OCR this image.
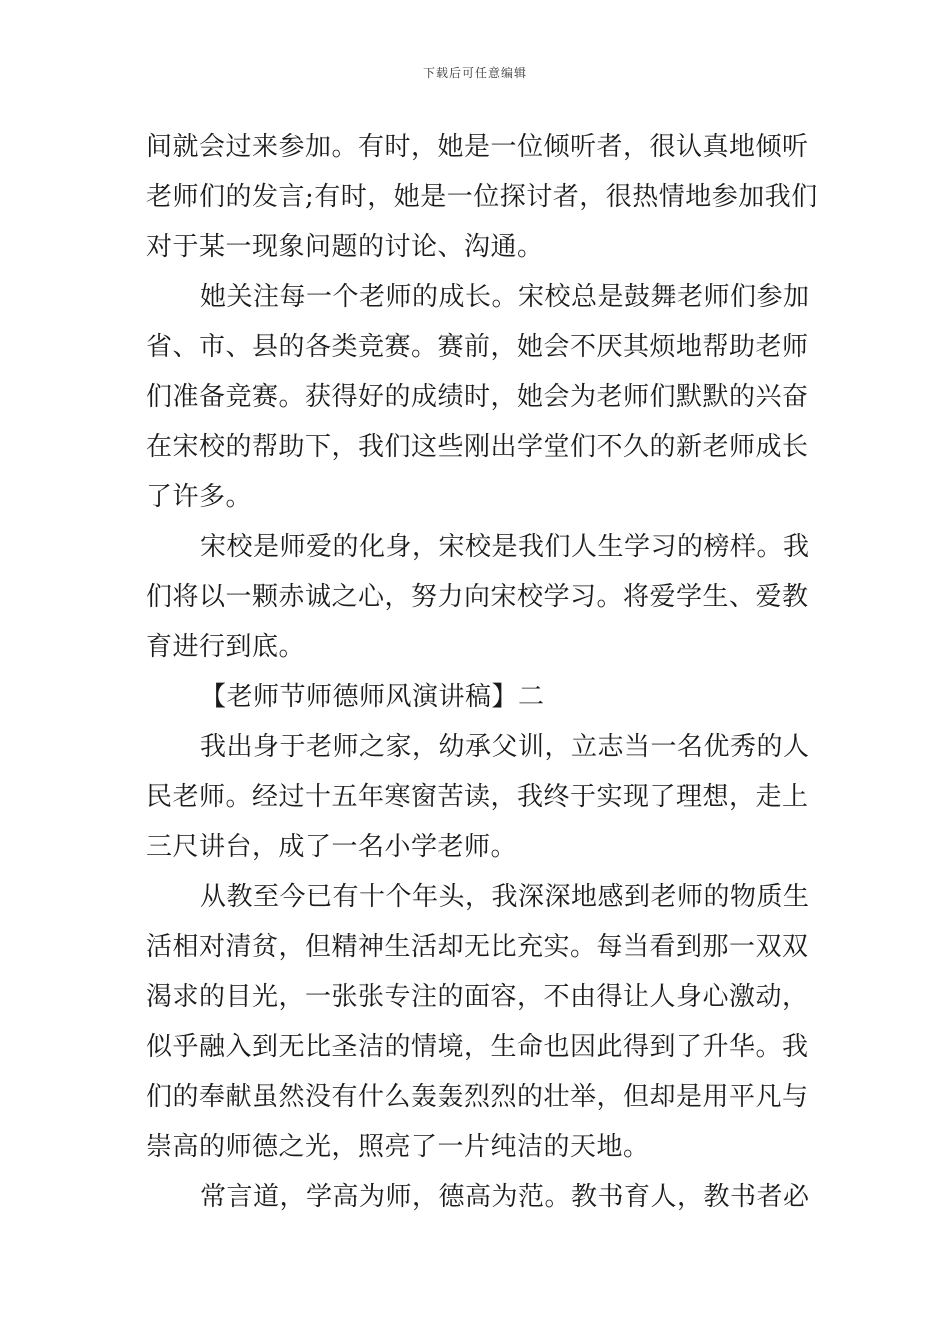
下载后可任意编辑
间就会过来参加。有时，她是一位倾听者，很认真地倾听
老师们的发言;有时，她是一位探讨者，很热情地参加我们
对于某一现象问题的讨论、沟通。
她关注每一个老师的成长。宋校总是鼓舞老师们参加
省、市、县的各类竞赛。赛前，她会不厌其烦地帮助老师
们准备竞赛。获得好的成绩时，她会为老师们默默的兴奋
在宋校的帮助下，我们这些刚出学堂们不久的新老师成长
了许多。
宋校是师爱的化身，宋校是我们人生学习的榜样。我
们将以一颗赤诚之心，努力向宋校学习。将爱学生、爱教
育进行到底。
【老师节师德师风演讲稿】二
我出身于老师之家，幼承父训，立志当一名优秀的人
民老师。经过十五年寒窗苦读，我终于实现了理想，走上
三尺讲台，成了一名小学老师。
从教至今已有十个年头，我深深地感到老师的物质生
活相对清贫，但精神生活却无比充实。每当看到那一双双
渴求的目光，一张张专注的面容，不由得让人身心激动，
似乎融入到无比圣洁的情境，生命也因此得到了升华。我
们的奉献虽然没有什么轰轰烈烈的壮举，但却是用平凡与
崇高的师德之光，照亮了一片纯洁的天地。
常言道，学高为师，德高为范。教书育人，教书者必
